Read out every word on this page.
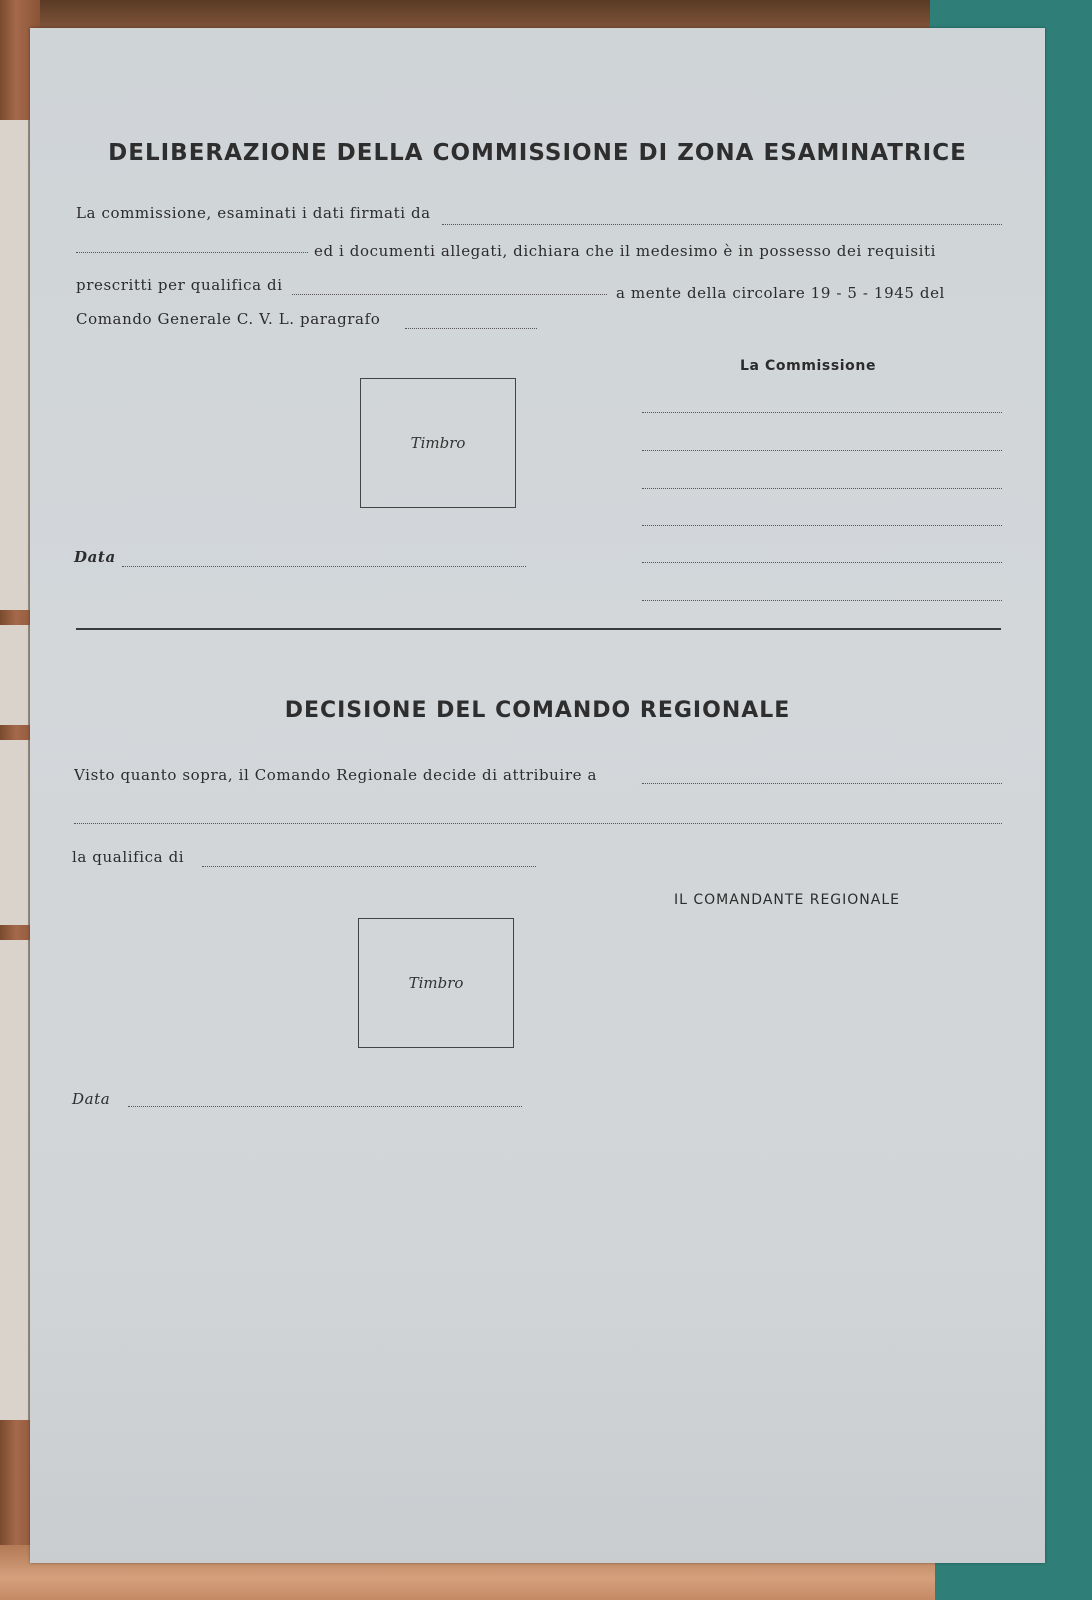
DELIBERAZIONE DELLA COMMISSIONE DI ZONA ESAMINATRICE
La commissione, esaminati i dati firmati da
ed i documenti allegati, dichiara che il medesimo è in possesso dei requisiti
prescritti per qualifica di	a mente della circolare 19 - 5 - 1945 del
Comando Generale C. V. L. paragrafo
La Commissione
Timbro
Data
DECISIONE DEL COMANDO REGIONALE
Visto quanto sopra, il Comando Regionale decide di attribuire a
la qualifica di
IL COMANDANTE REGIONALE
Timbro
Data
